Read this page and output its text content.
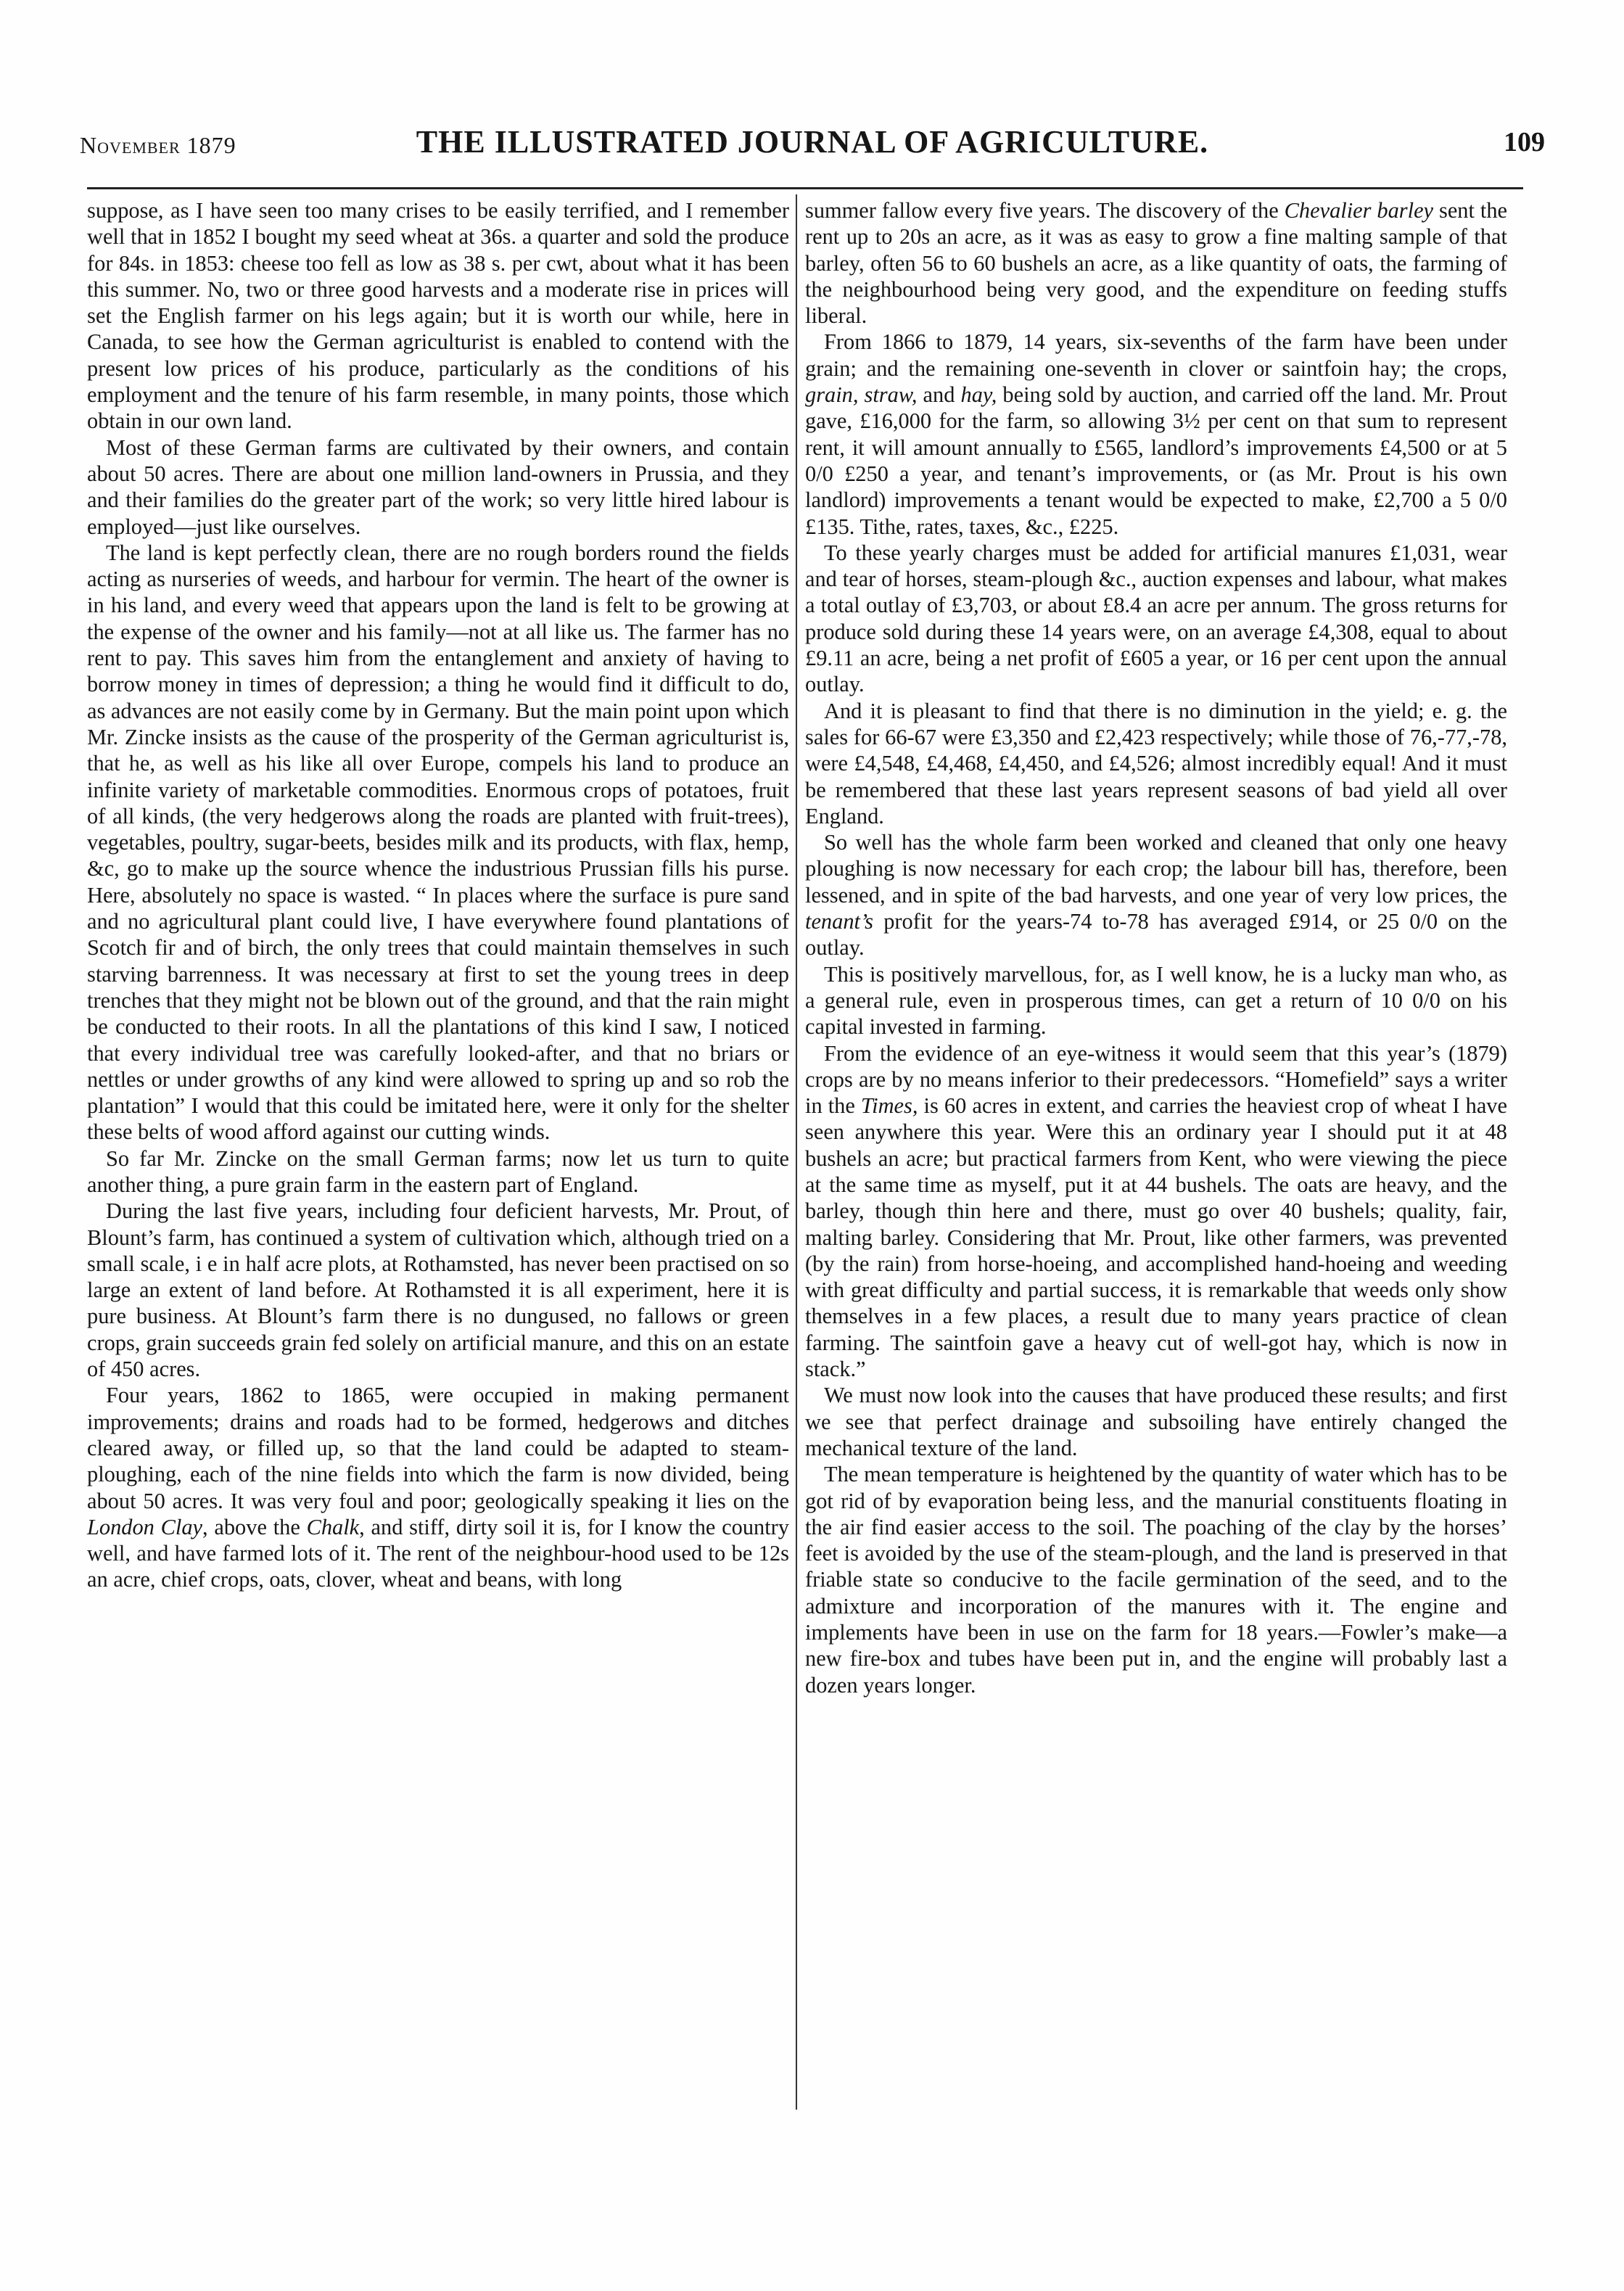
November 1879	THE ILLUSTRATED JOURNAL OF AGRICULTURE.	109

suppose, as I have seen too many crises to be easily terrified, and I remember well that in 1852 I bought my seed wheat at 36s. a quarter and sold the produce for 84s. in 1853: cheese too fell as low as 38 s. per cwt, about what it has been this summer. No, two or three good harvests and a moderate rise in prices will set the English farmer on his legs again; but it is worth our while, here in Canada, to see how the German agriculturist is enabled to contend with the present low prices of his produce, particularly as the conditions of his employment and the tenure of his farm resemble, in many points, those which obtain in our own land.

Most of these German farms are cultivated by their owners, and contain about 50 acres. There are about one million land-owners in Prussia, and they and their families do the greater part of the work; so very little hired labour is employed—just like ourselves.

The land is kept perfectly clean, there are no rough borders round the fields acting as nurseries of weeds, and harbour for vermin. The heart of the owner is in his land, and every weed that appears upon the land is felt to be growing at the expense of the owner and his family—not at all like us. The farmer has no rent to pay. This saves him from the entanglement and anxiety of having to borrow money in times of depression; a thing he would find it difficult to do, as advances are not easily come by in Germany. But the main point upon which Mr. Zincke insists as the cause of the prosperity of the German agriculturist is, that he, as well as his like all over Europe, compels his land to produce an infinite variety of marketable commodities. Enormous crops of potatoes, fruit of all kinds, (the very hedgerows along the roads are planted with fruit-trees), vegetables, poultry, sugar-beets, besides milk and its products, with flax, hemp, &c, go to make up the source whence the industrious Prussian fills his purse. Here, absolutely no space is wasted. “ In places where the surface is pure sand and no agricultural plant could live, I have everywhere found plantations of Scotch fir and of birch, the only trees that could maintain themselves in such starving barrenness. It was necessary at first to set the young trees in deep trenches that they might not be blown out of the ground, and that the rain might be conducted to their roots. In all the plantations of this kind I saw, I noticed that every individual tree was carefully looked-after, and that no briars or nettles or under growths of any kind were allowed to spring up and so rob the plantation” I would that this could be imitated here, were it only for the shelter these belts of wood afford against our cutting winds.

So far Mr. Zincke on the small German farms; now let us turn to quite another thing, a pure grain farm in the eastern part of England.

During the last five years, including four deficient harvests, Mr. Prout, of Blount’s farm, has continued a system of cultivation which, although tried on a small scale, i e in half acre plots, at Rothamsted, has never been practised on so large an extent of land before. At Rothamsted it is all experiment, here it is pure business. At Blount’s farm there is no dungused, no fallows or green crops, grain succeeds grain fed solely on artificial manure, and this on an estate of 450 acres.

Four years, 1862 to 1865, were occupied in making permanent improvements; drains and roads had to be formed, hedgerows and ditches cleared away, or filled up, so that the land could be adapted to steam-ploughing, each of the nine fields into which the farm is now divided, being about 50 acres. It was very foul and poor; geologically speaking it lies on the London Clay, above the Chalk, and stiff, dirty soil it is, for I know the country well, and have farmed lots of it. The rent of the neighbour-hood used to be 12s an acre, chief crops, oats, clover, wheat and beans, with long

summer fallow every five years. The discovery of the Chevalier barley sent the rent up to 20s an acre, as it was as easy to grow a fine malting sample of that barley, often 56 to 60 bushels an acre, as a like quantity of oats, the farming of the neighbourhood being very good, and the expenditure on feeding stuffs liberal.

From 1866 to 1879, 14 years, six-sevenths of the farm have been under grain; and the remaining one-seventh in clover or saintfoin hay; the crops, grain, straw, and hay, being sold by auction, and carried off the land. Mr. Prout gave, £16,000 for the farm, so allowing 3½ per cent on that sum to represent rent, it will amount annually to £565, landlord’s improvements £4,500 or at 5 0/0 £250 a year, and tenant’s improvements, or (as Mr. Prout is his own landlord) improvements a tenant would be expected to make, £2,700 a 5 0/0 £135. Tithe, rates, taxes, &c., £225.

To these yearly charges must be added for artificial manures £1,031, wear and tear of horses, steam-plough &c., auction expenses and labour, what makes a total outlay of £3,703, or about £8.4 an acre per annum. The gross returns for produce sold during these 14 years were, on an average £4,308, equal to about £9.11 an acre, being a net profit of £605 a year, or 16 per cent upon the annual outlay.

And it is pleasant to find that there is no diminution in the yield; e. g. the sales for 66-67 were £3,350 and £2,423 respectively; while those of 76,-77,-78, were £4,548, £4,468, £4,450, and £4,526; almost incredibly equal! And it must be remembered that these last years represent seasons of bad yield all over England.

So well has the whole farm been worked and cleaned that only one heavy ploughing is now necessary for each crop; the labour bill has, therefore, been lessened, and in spite of the bad harvests, and one year of very low prices, the tenant’s profit for the years-74 to-78 has averaged £914, or 25 0/0 on the outlay.

This is positively marvellous, for, as I well know, he is a lucky man who, as a general rule, even in prosperous times, can get a return of 10 0/0 on his capital invested in farming.

From the evidence of an eye-witness it would seem that this year’s (1879) crops are by no means inferior to their predecessors. “Homefield” says a writer in the Times, is 60 acres in extent, and carries the heaviest crop of wheat I have seen anywhere this year. Were this an ordinary year I should put it at 48 bushels an acre; but practical farmers from Kent, who were viewing the piece at the same time as myself, put it at 44 bushels. The oats are heavy, and the barley, though thin here and there, must go over 40 bushels; quality, fair, malting barley. Considering that Mr. Prout, like other farmers, was prevented (by the rain) from horse-hoeing, and accomplished hand-hoeing and weeding with great difficulty and partial success, it is remarkable that weeds only show themselves in a few places, a result due to many years practice of clean farming. The saintfoin gave a heavy cut of well-got hay, which is now in stack.”

We must now look into the causes that have produced these results; and first we see that perfect drainage and subsoiling have entirely changed the mechanical texture of the land.

The mean temperature is heightened by the quantity of water which has to be got rid of by evaporation being less, and the manurial constituents floating in the air find easier access to the soil. The poaching of the clay by the horses’ feet is avoided by the use of the steam-plough, and the land is preserved in that friable state so conducive to the facile germination of the seed, and to the admixture and incorporation of the manures with it. The engine and implements have been in use on the farm for 18 years.—Fowler’s make—a new fire-box and tubes have been put in, and the engine will probably last a dozen years longer.
